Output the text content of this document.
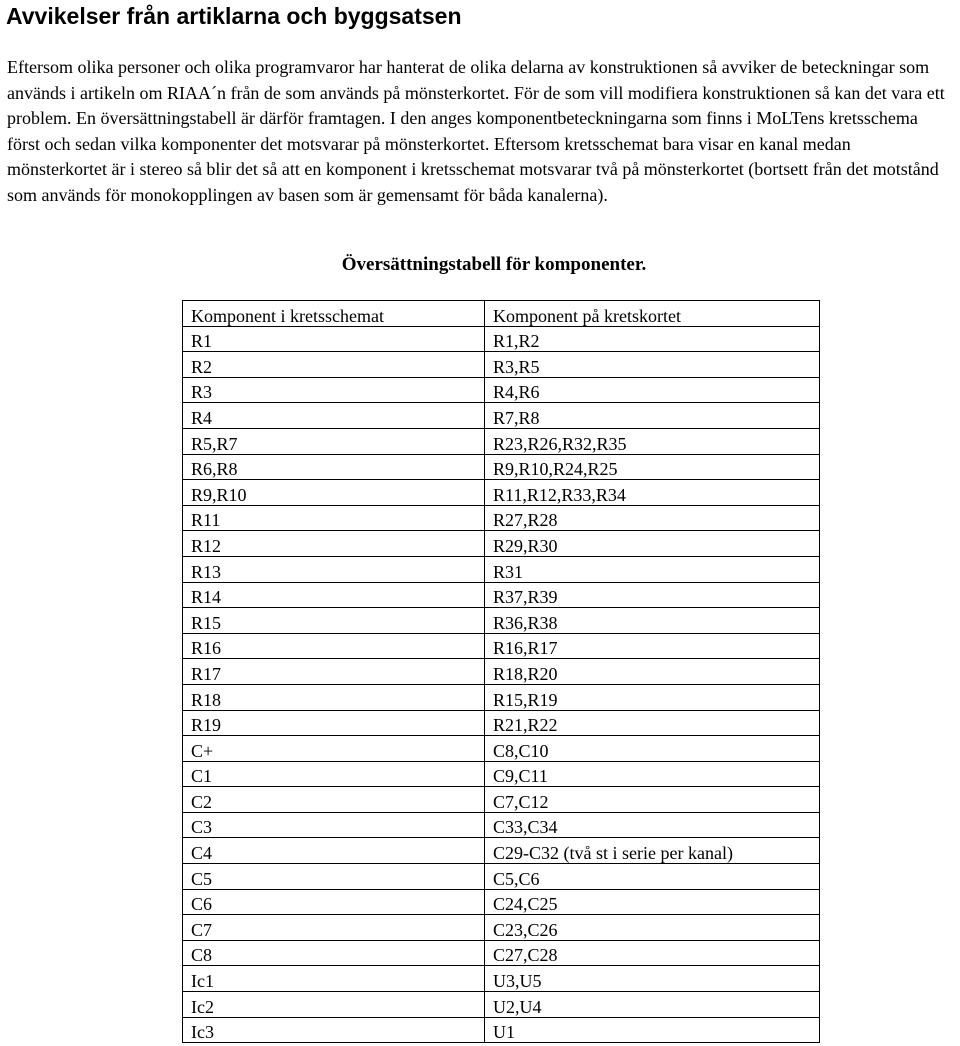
Avvikelser från artiklarna och byggsatsen

Eftersom olika personer och olika programvaror har hanterat de olika delarna av konstruktionen så avviker de beteckningar som används i artikeln om RIAA´n från de som används på mönsterkortet. För de som vill modifiera konstruktionen så kan det vara ett problem. En översättningstabell är därför framtagen. I den anges komponentbeteckningarna som finns i MoLTens kretsschema först och sedan vilka komponenter det motsvarar på mönsterkortet. Eftersom kretsschemat bara visar en kanal medan mönsterkortet är i stereo så blir det så att en komponent i kretsschemat motsvarar två på mönsterkortet (bortsett från det motstånd som används för monokopplingen av basen som är gemensamt för båda kanalerna).

Översättningstabell för komponenter.

Komponent i kretsschemat	Komponent på kretskortet
R1	R1,R2
R2	R3,R5
R3	R4,R6
R4	R7,R8
R5,R7	R23,R26,R32,R35
R6,R8	R9,R10,R24,R25
R9,R10	R11,R12,R33,R34
R11	R27,R28
R12	R29,R30
R13	R31
R14	R37,R39
R15	R36,R38
R16	R16,R17
R17	R18,R20
R18	R15,R19
R19	R21,R22
C+	C8,C10
C1	C9,C11
C2	C7,C12
C3	C33,C34
C4	C29-C32 (två st i serie per kanal)
C5	C5,C6
C6	C24,C25
C7	C23,C26
C8	C27,C28
Ic1	U3,U5
Ic2	U2,U4
Ic3	U1
